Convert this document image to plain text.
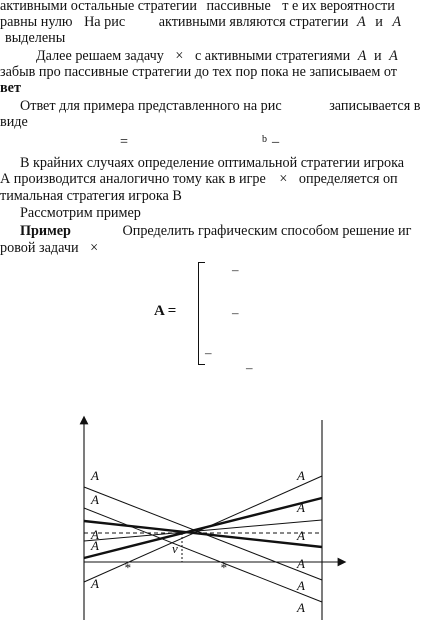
активными остальные стратегии пассивные т е их вероятности
равны нулю На рис активными являются стратегии A и A
выделены
Далее решаем задачу × с активными стратегиями A и A
забыв про пассивные стратегии до тех пор пока не записываем от
вет
Ответ для примера представленного на рис	записывается в
виде
=	b –
В крайних случаях определение оптимальной стратегии игрока
А производится аналогично тому как в игре × определяется оп
тимальная стратегия игрока В
Рассмотрим пример
Пример	Определить графическим способом решение иг
ровой задачи ×
A =
–
–
–
–
A
A
A
A
A
A
A
A
A
A
A
v
*	*
